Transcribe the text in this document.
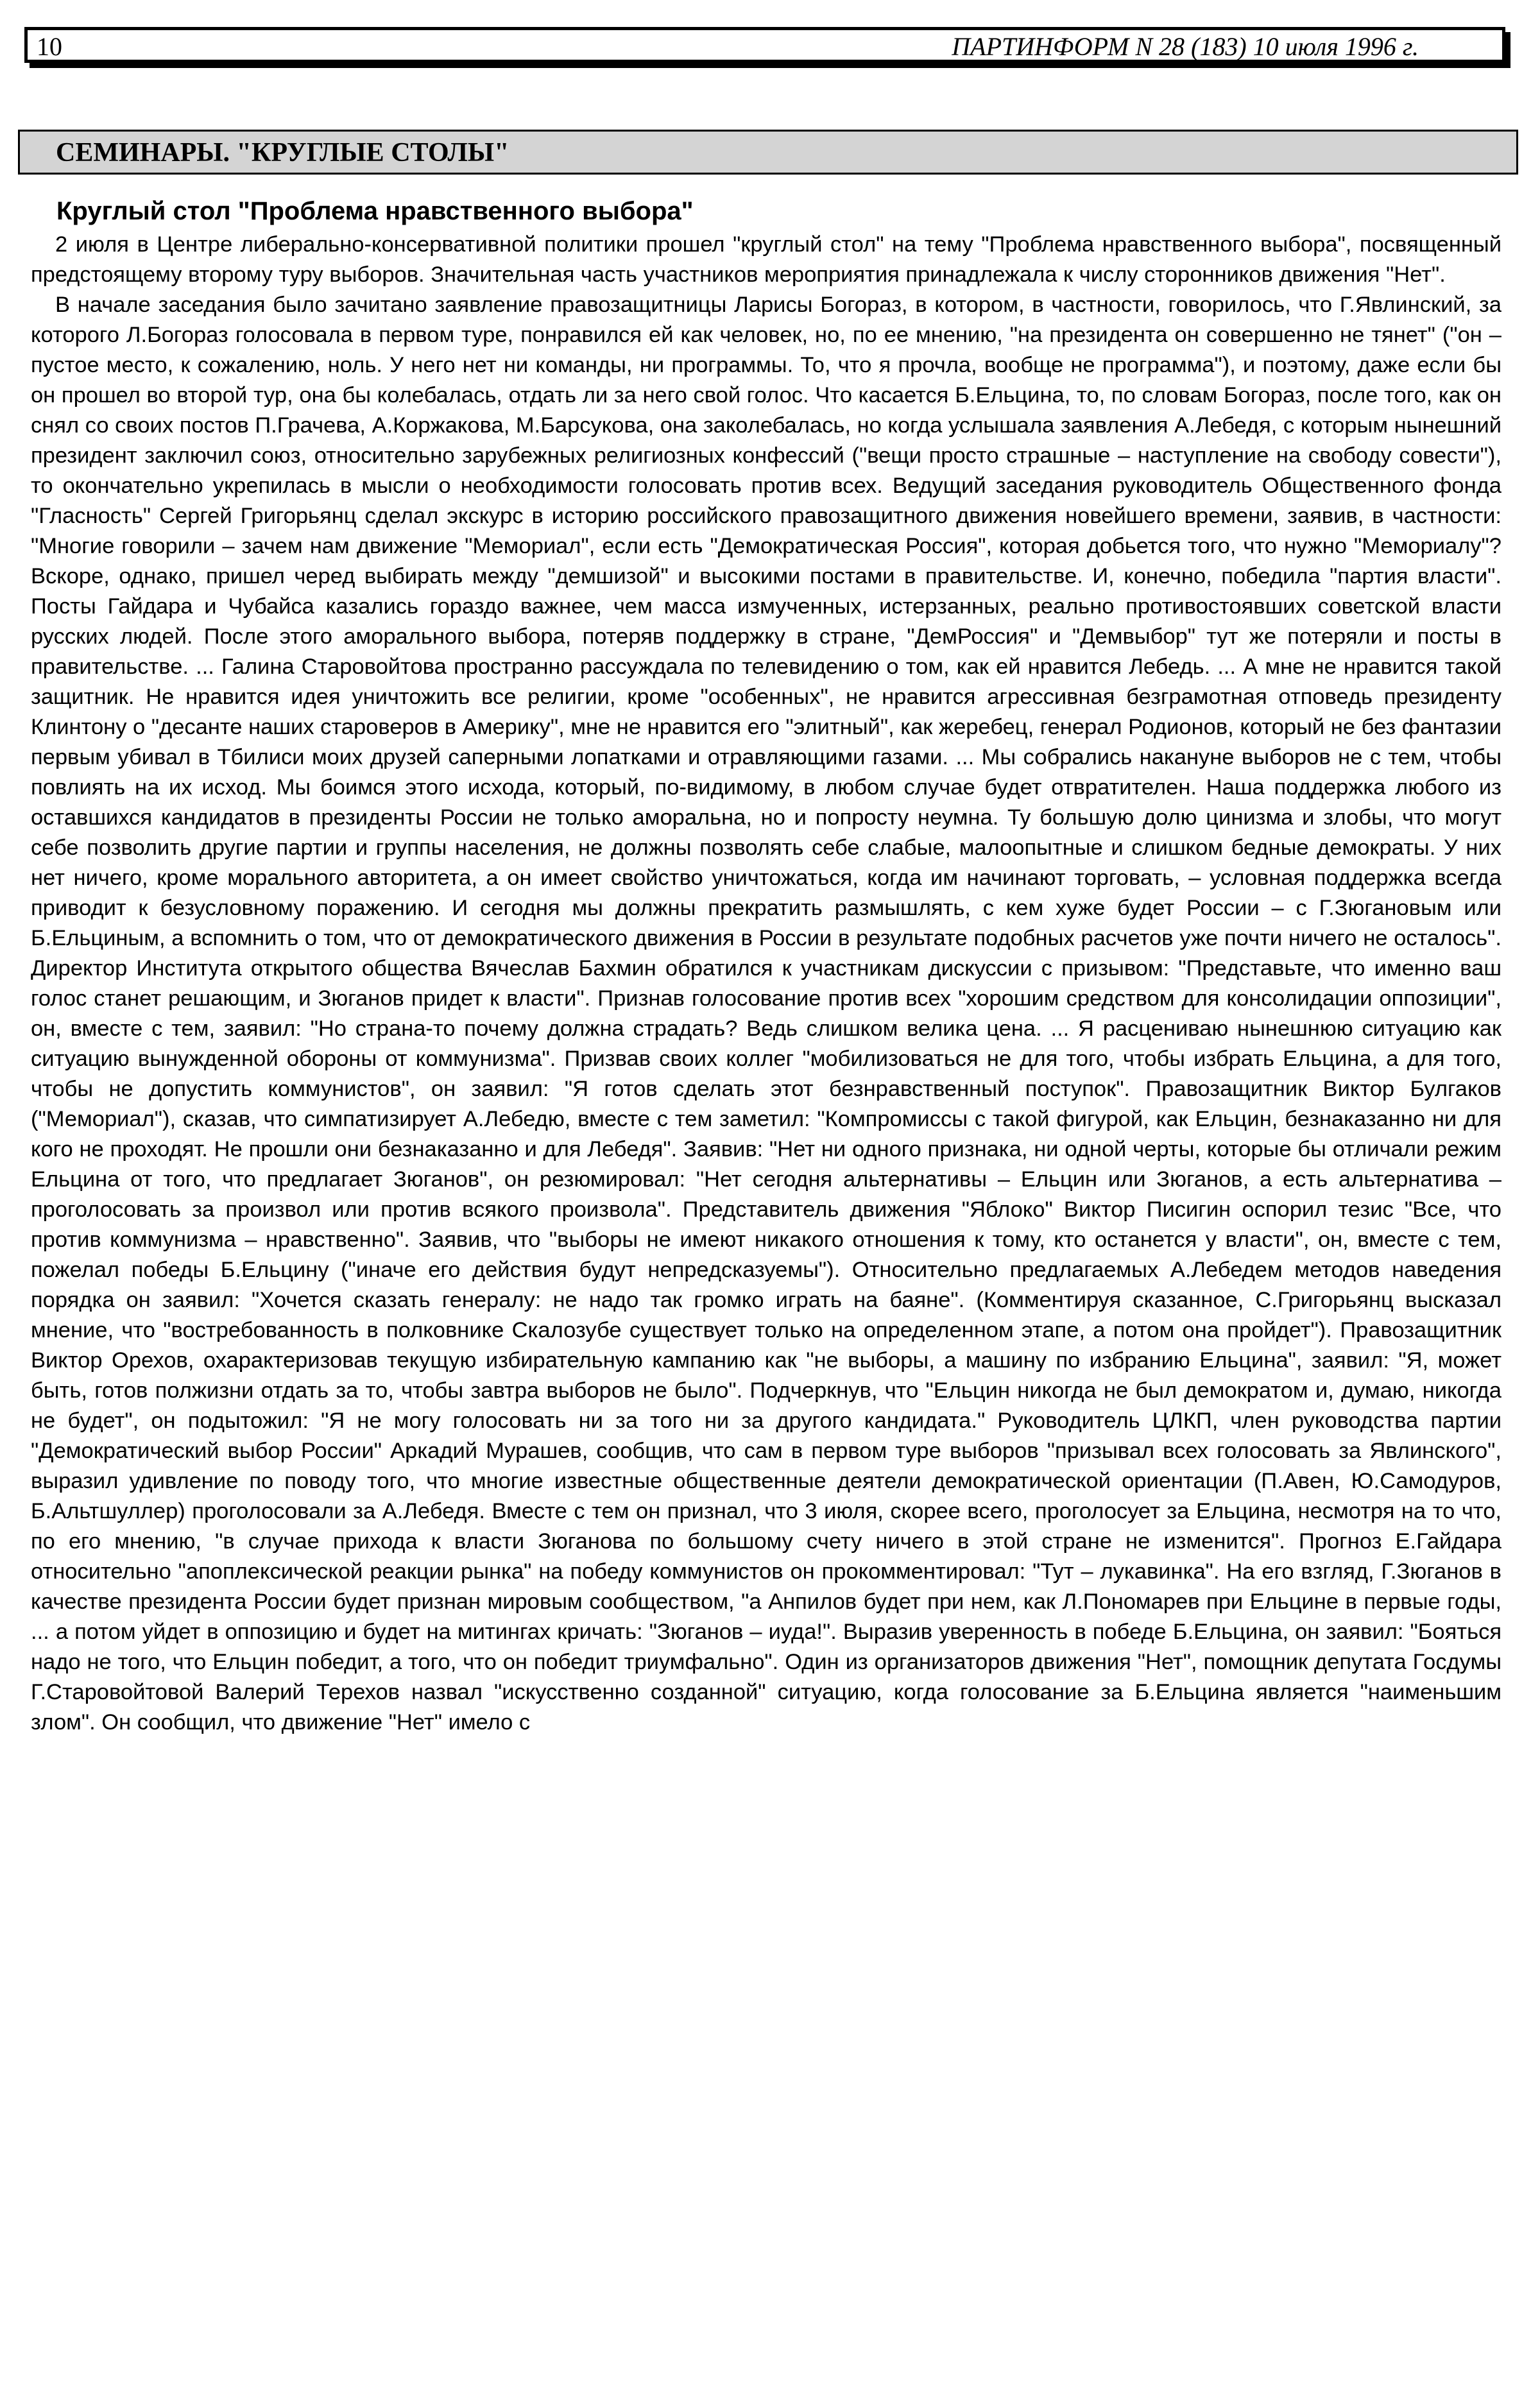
10	ПАРТИНФОРМ N 28 (183) 10 июля 1996 г.
СЕМИНАРЫ. "КРУГЛЫЕ СТОЛЫ"
Круглый стол "Проблема нравственного выбора"

2 июля в Центре либерально-консервативной политики прошел "круглый стол" на тему "Проблема нравственного выбора", посвященный предстоящему второму туру выборов. Значительная часть участников мероприятия принадлежала к числу сторонников движения "Нет".

В начале заседания было зачитано заявление правозащитницы Ларисы Богораз, в котором, в частности, говорилось, что Г.Явлинский, за которого Л.Богораз голосовала в первом туре, понравился ей как человек, но, по ее мнению, "на президента он совершенно не тянет" ("он – пустое место, к сожалению, ноль. У него нет ни команды, ни программы. То, что я прочла, вообще не программа"), и поэтому, даже если бы он прошел во второй тур, она бы колебалась, отдать ли за него свой голос. Что касается Б.Ельцина, то, по словам Богораз, после того, как он снял со своих постов П.Грачева, А.Коржакова, М.Барсукова, она заколебалась, но когда услышала заявления А.Лебедя, с которым нынешний президент заключил союз, относительно зарубежных религиозных конфессий ("вещи просто страшные – наступление на свободу совести"), то окончательно укрепилась в мысли о необходимости голосовать против всех. Ведущий заседания руководитель Общественного фонда "Гласность" Сергей Григорьянц сделал экскурс в историю российского правозащитного движения новейшего времени, заявив, в частности: "Многие говорили – зачем нам движение "Мемориал", если есть "Демократическая Россия", которая добьется того, что нужно "Мемориалу"? Вскоре, однако, пришел черед выбирать между "демшизой" и высокими постами в правительстве. И, конечно, победила "партия власти". Посты Гайдара и Чубайса казались гораздо важнее, чем масса измученных, истерзанных, реально противостоявших советской власти русских людей. После этого аморального выбора, потеряв поддержку в стране, "ДемРоссия" и "Демвыбор" тут же потеряли и посты в правительстве. ... Галина Старовойтова пространно рассуждала по телевидению о том, как ей нравится Лебедь. ... А мне не нравится такой защитник. Не нравится идея уничтожить все религии, кроме "особенных", не нравится агрессивная безграмотная отповедь президенту Клинтону о "десанте наших староверов в Америку", мне не нравится его "элитный", как жеребец, генерал Родионов, который не без фантазии первым убивал в Тбилиси моих друзей саперными лопатками и отравляющими газами. ... Мы собрались накануне выборов не с тем, чтобы повлиять на их исход. Мы боимся этого исхода, который, по-видимому, в любом случае будет отвратителен. Наша поддержка любого из оставшихся кандидатов в президенты России не только аморальна, но и попросту неумна. Ту большую долю цинизма и злобы, что могут себе позволить другие партии и группы населения, не должны позволять себе слабые, малоопытные и слишком бедные демократы. У них нет ничего, кроме морального авторитета, а он имеет свойство уничтожаться, когда им начинают торговать, – условная поддержка всегда приводит к безусловному поражению. И сегодня мы должны прекратить размышлять, с кем хуже будет России – с Г.Зюгановым или Б.Ельциным, а вспомнить о том, что от демократического движения в России в результате подобных расчетов уже почти ничего не осталось". Директор Института открытого общества Вячеслав Бахмин обратился к участникам дискуссии с призывом: "Представьте, что именно ваш голос станет решающим, и Зюганов придет к власти". Признав голосование против всех "хорошим средством для консолидации оппозиции", он, вместе с тем, заявил: "Но страна-то почему должна страдать? Ведь слишком велика цена. ... Я расцениваю нынешнюю ситуацию как ситуацию вынужденной обороны от коммунизма". Призвав своих коллег "мобилизоваться не для того, чтобы избрать Ельцина, а для того, чтобы не допустить коммунистов", он заявил: "Я готов сделать этот безнравственный поступок". Правозащитник Виктор Булгаков ("Мемориал"), сказав, что симпатизирует А.Лебедю, вместе с тем заметил: "Компромиссы с такой фигурой, как Ельцин, безнаказанно ни для кого не проходят. Не прошли они безнаказанно и для Лебедя". Заявив: "Нет ни одного признака, ни одной черты, которые бы отличали режим Ельцина от того, что предлагает Зюганов", он резюмировал: "Нет сегодня альтернативы – Ельцин или Зюганов, а есть альтернатива – проголосовать за произвол или против всякого произвола". Представитель движения "Яблоко" Виктор Писигин оспорил тезис "Все, что против коммунизма – нравственно". Заявив, что "выборы не имеют никакого отношения к тому, кто останется у власти", он, вместе с тем, пожелал победы Б.Ельцину ("иначе его действия будут непредсказуемы"). Относительно предлагаемых А.Лебедем методов наведения порядка он заявил: "Хочется сказать генералу: не надо так громко играть на баяне". (Комментируя сказанное, С.Григорьянц высказал мнение, что "востребованность в полковнике Скалозубе существует только на определенном этапе, а потом она пройдет"). Правозащитник Виктор Орехов, охарактеризовав текущую избирательную кампанию как "не выборы, а машину по избранию Ельцина", заявил: "Я, может быть, готов полжизни отдать за то, чтобы завтра выборов не было". Подчеркнув, что "Ельцин никогда не был демократом и, думаю, никогда не будет", он подытожил: "Я не могу голосовать ни за того ни за другого кандидата." Руководитель ЦЛКП, член руководства партии "Демократический выбор России" Аркадий Мурашев, сообщив, что сам в первом туре выборов "призывал всех голосовать за Явлинского", выразил удивление по поводу того, что многие известные общественные деятели демократической ориентации (П.Авен, Ю.Самодуров, Б.Альтшуллер) проголосовали за А.Лебедя. Вместе с тем он признал, что 3 июля, скорее всего, проголосует за Ельцина, несмотря на то что, по его мнению, "в случае прихода к власти Зюганова по большому счету ничего в этой стране не изменится". Прогноз Е.Гайдара относительно "апоплексической реакции рынка" на победу коммунистов он прокомментировал: "Тут – лукавинка". На его взгляд, Г.Зюганов в качестве президента России будет признан мировым сообществом, "а Анпилов будет при нем, как Л.Пономарев при Ельцине в первые годы, ... а потом уйдет в оппозицию и будет на митингах кричать: "Зюганов – иуда!". Выразив уверенность в победе Б.Ельцина, он заявил: "Бояться надо не того, что Ельцин победит, а того, что он победит триумфально". Один из организаторов движения "Нет", помощник депутата Госдумы Г.Старовойтовой Валерий Терехов назвал "искусственно созданной" ситуацию, когда голосование за Б.Ельцина является "наименьшим злом". Он сообщил, что движение "Нет" имело с
